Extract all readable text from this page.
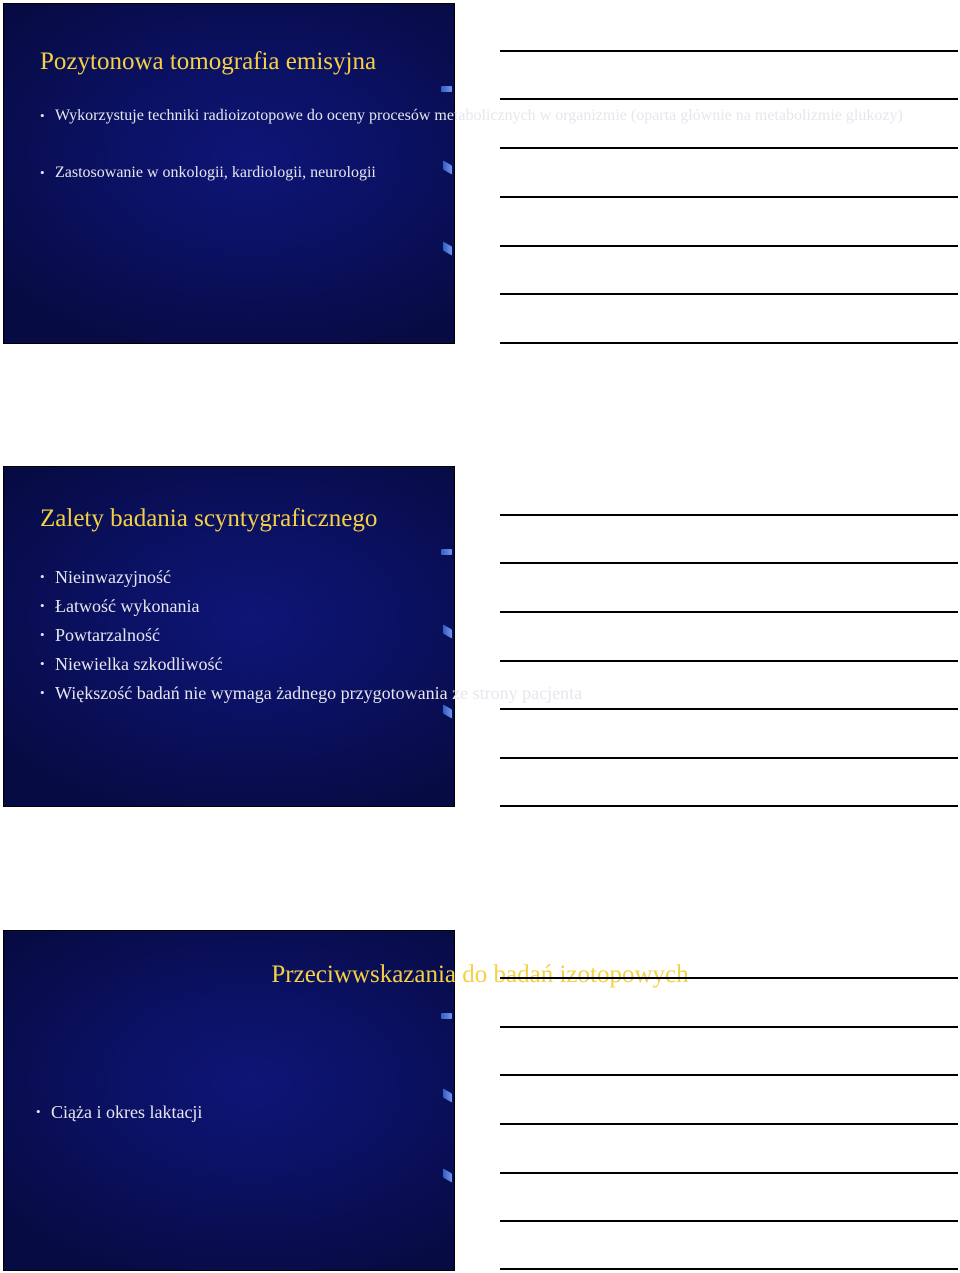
Pozytonowa tomografia emisyjna
• Wykorzystuje techniki radioizotopowe do oceny procesów metabolicznych w organizmie (oparta głównie na metabolizmie glukozy)
• Zastosowanie w onkologii, kardiologii, neurologii
Zalety badania scyntygraficznego
• Nieinwazyjność
• Łatwość wykonania
• Powtarzalność
• Niewielka szkodliwość
• Większość badań nie wymaga żadnego przygotowania ze strony pacjenta
Przeciwwskazania do badań izotopowych
• Ciąża i okres laktacji
